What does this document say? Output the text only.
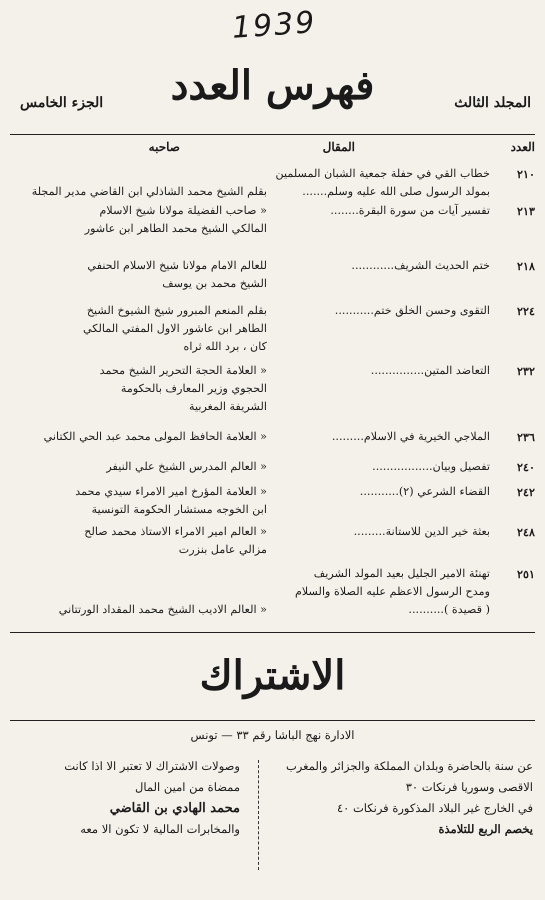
1939
فهرس العدد	المجلد الثالث
الجزء الخامس
العدد
المقال
صاحبه
٢١٠
خطاب القي في حفلة جمعية الشبان المسلمين
بمولد الرسول صلى الله عليه وسلم.......

بقلم الشيخ محمد الشاذلي ابن القاضي مدير المجلة
٢١٣
تفسير آيات من سورة البقرة........
« صاحب الفضيلة مولانا شيخ الاسلام
المالكي الشيخ محمد الطاهر ابن عاشور
٢١٨
ختم الحديث الشريف............
للعالم الامام مولانا شيخ الاسلام الحنفي
الشيخ محمد بن يوسف
٢٢٤
التقوى وحسن الخلق ختم...........
بقلم المنعم المبرور شيخ الشيوخ الشيخ
الطاهر ابن عاشور الاول المفتي المالكي
كان ، برد الله ثراه
٢٣٢
التعاضد المتين...............
« العلامة الحجة التحرير الشيخ محمد
الحجوي وزير المعارف بالحكومة
الشريفة المغربية
٢٣٦
الملاجي الخيرية في الاسلام.........
« العلامة الحافظ المولى محمد عبد الحي الكتاني
٢٤٠
تفصيل وبيان.................
« العالم المدرس الشيخ علي النيفر
٢٤٢
القضاء الشرعي (٢)...........
« العلامة المؤرخ امير الامراء سيدي محمد
ابن الخوجه مستشار الحكومة التونسية
٢٤٨
بعثة خير الدين للاستانة.........
« العالم امير الامراء الاستاذ محمد صالح
مزالي عامل بنزرت
٢٥١
تهنئة الامير الجليل بعيد المولد الشريف
ومدح الرسول الاعظم عليه الصلاة والسلام
( قصيدة )..........

« العالم الاديب الشيخ محمد المقداد الورتتاني
الاشتراك
الادارة نهج الباشا رقم ٣٣ — تونس
عن سنة بالحاضرة وبلدان المملكة والجزائر والمغرب
الاقصى وسوريا فرنكات ٣٠
في الخارج غير البلاد المذكورة فرنكات ٤٠
يخصم الربع للتلامذة
وصولات الاشتراك لا تعتبر الا اذا كانت
ممضاة من امين المال
محمد الهادي بن القاضي
والمخابرات المالية لا تكون الا معه
